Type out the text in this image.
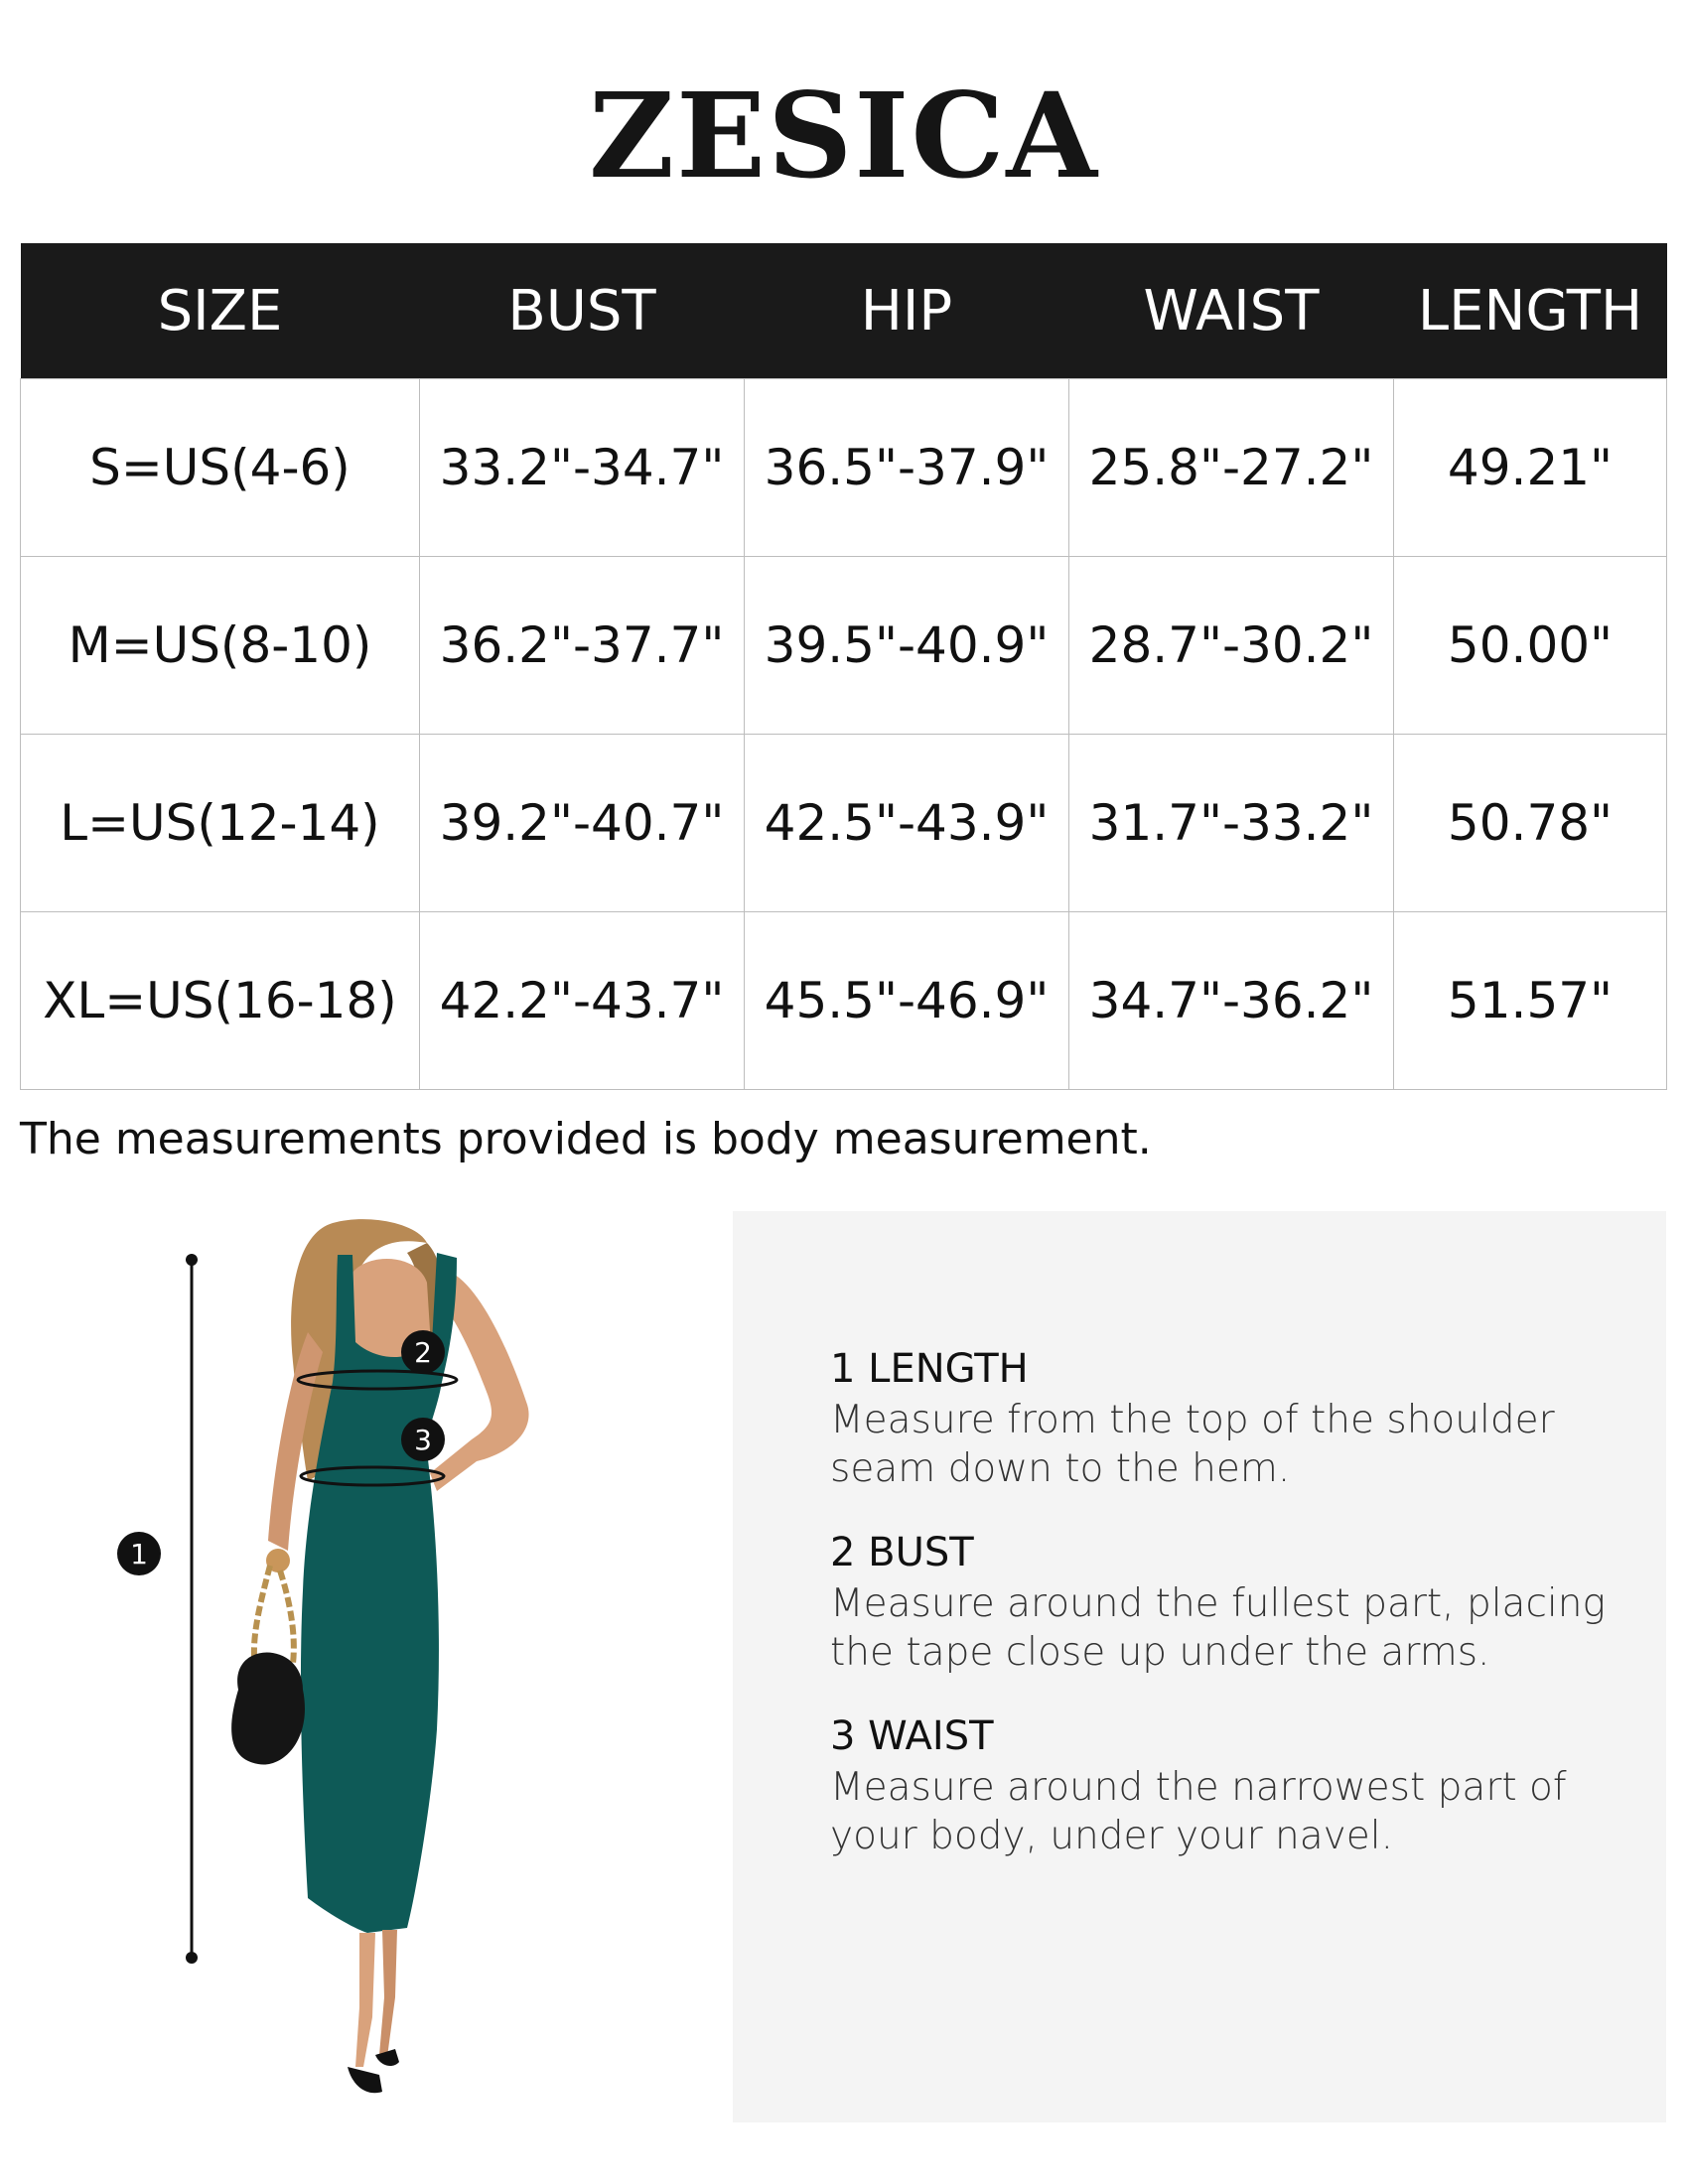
ZESICA
SIZE	BUST	HIP	WAIST	LENGTH
S=US(4-6)	33.2"-34.7"	36.5"-37.9"	25.8"-27.2"	49.21"
M=US(8-10)	36.2"-37.7"	39.5"-40.9"	28.7"-30.2"	50.00"
L=US(12-14)	39.2"-40.7"	42.5"-43.9"	31.7"-33.2"	50.78"
XL=US(16-18)	42.2"-43.7"	45.5"-46.9"	34.7"-36.2"	51.57"
The measurements provided is body measurement.
1
2
3
1 LENGTH
Measure from the top of the shoulder
seam down to the hem.
2 BUST
Measure around the fullest part, placing
the tape close up under the arms.
3 WAIST
Measure around the narrowest part of
your body, under your navel.
